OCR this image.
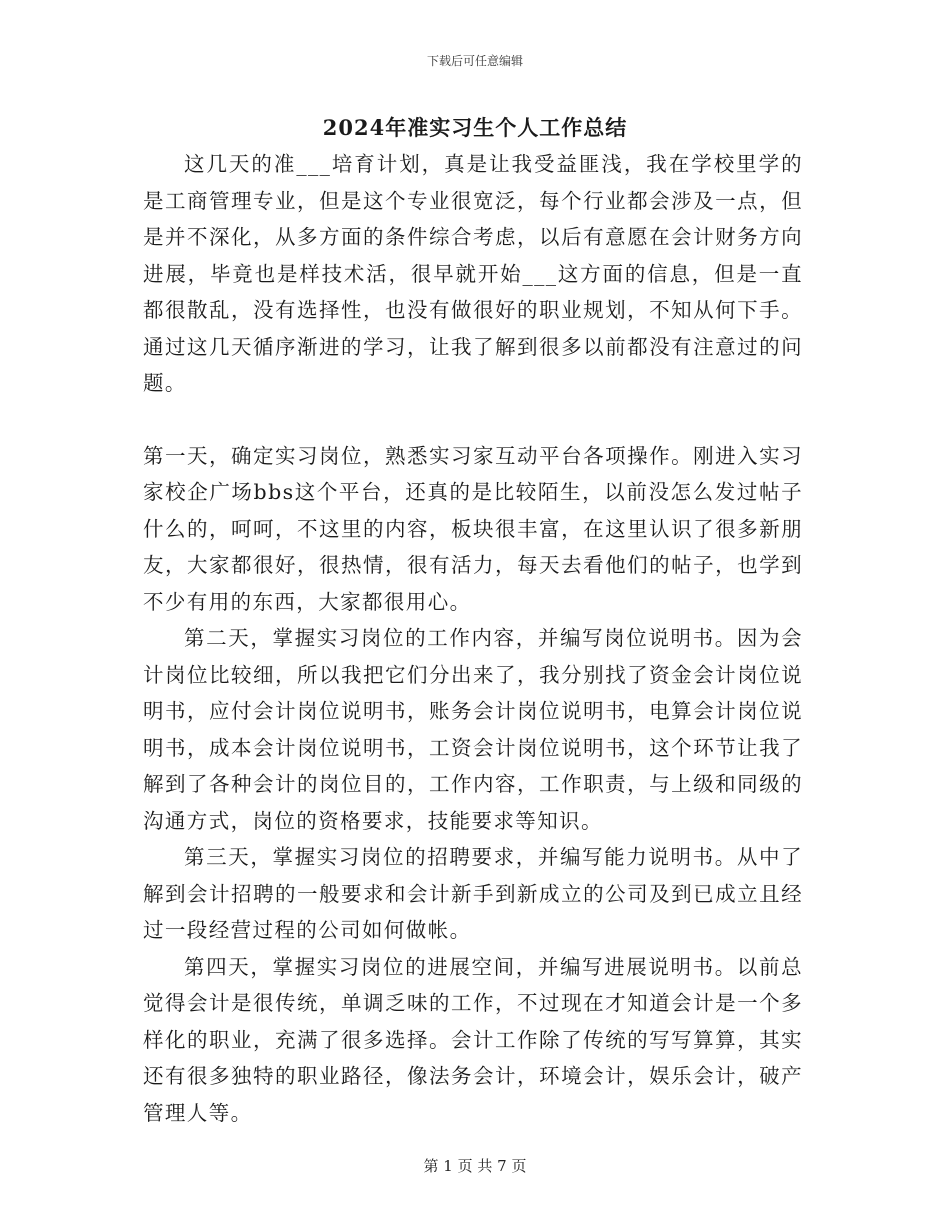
下载后可任意编辑
2024年准实习生个人工作总结

这几天的准___培育计划，真是让我受益匪浅，我在学校里学的是工商管理专业，但是这个专业很宽泛，每个行业都会涉及一点，但是并不深化，从多方面的条件综合考虑，以后有意愿在会计财务方向进展，毕竟也是样技术活，很早就开始___这方面的信息，但是一直都很散乱，没有选择性，也没有做很好的职业规划，不知从何下手。通过这几天循序渐进的学习，让我了解到很多以前都没有注意过的问题。

第一天，确定实习岗位，熟悉实习家互动平台各项操作。刚进入实习家校企广场bbs这个平台，还真的是比较陌生，以前没怎么发过帖子什么的，呵呵，不这里的内容，板块很丰富，在这里认识了很多新朋友，大家都很好，很热情，很有活力，每天去看他们的帖子，也学到不少有用的东西，大家都很用心。

第二天，掌握实习岗位的工作内容，并编写岗位说明书。因为会计岗位比较细，所以我把它们分出来了，我分别找了资金会计岗位说明书，应付会计岗位说明书，账务会计岗位说明书，电算会计岗位说明书，成本会计岗位说明书，工资会计岗位说明书，这个环节让我了解到了各种会计的岗位目的，工作内容，工作职责，与上级和同级的沟通方式，岗位的资格要求，技能要求等知识。

第三天，掌握实习岗位的招聘要求，并编写能力说明书。从中了解到会计招聘的一般要求和会计新手到新成立的公司及到已成立且经过一段经营过程的公司如何做帐。

第四天，掌握实习岗位的进展空间，并编写进展说明书。以前总觉得会计是很传统，单调乏味的工作，不过现在才知道会计是一个多样化的职业，充满了很多选择。会计工作除了传统的写写算算，其实还有很多独特的职业路径，像法务会计，环境会计，娱乐会计，破产管理人等。

第 1 页 共 7 页
